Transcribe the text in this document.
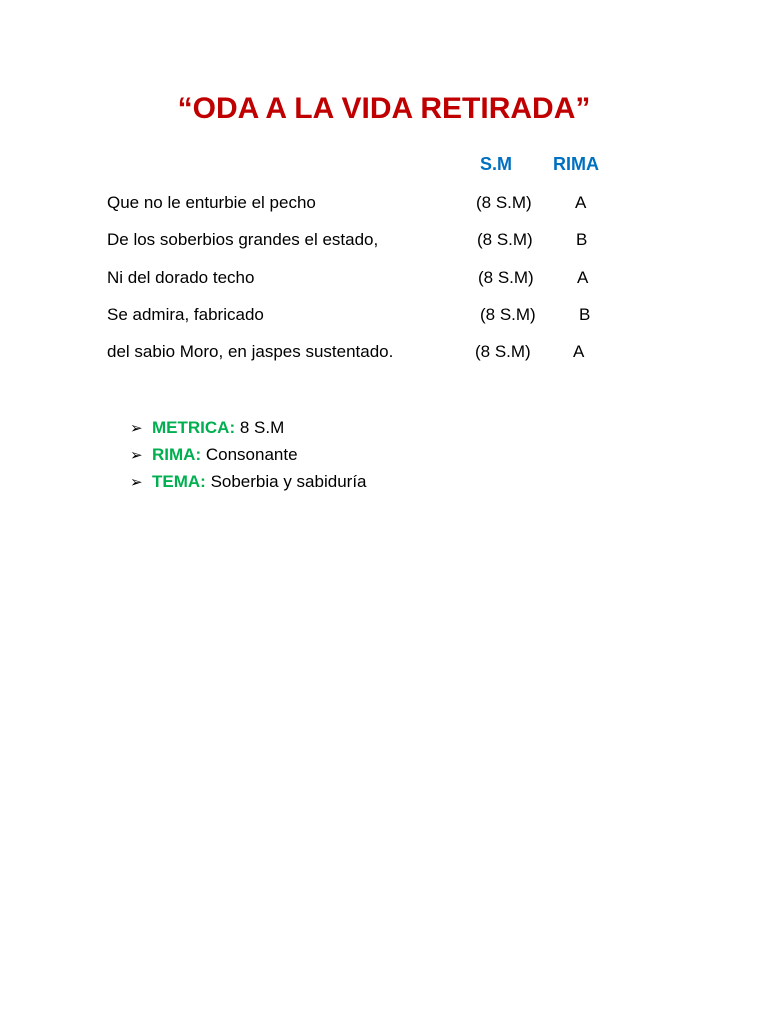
“ODA A LA VIDA RETIRADA”
S.M RIMA
Que no le enturbie el pecho	(8 S.M)	A
De los soberbios grandes el estado,	(8 S.M)	B
Ni del dorado techo	(8 S.M)	A
Se admira, fabricado	(8 S.M)	B
del sabio Moro, en jaspes sustentado.	(8 S.M) A
➢ METRICA: 8 S.M
➢ RIMA: Consonante
➢ TEMA: Soberbia y sabiduría
